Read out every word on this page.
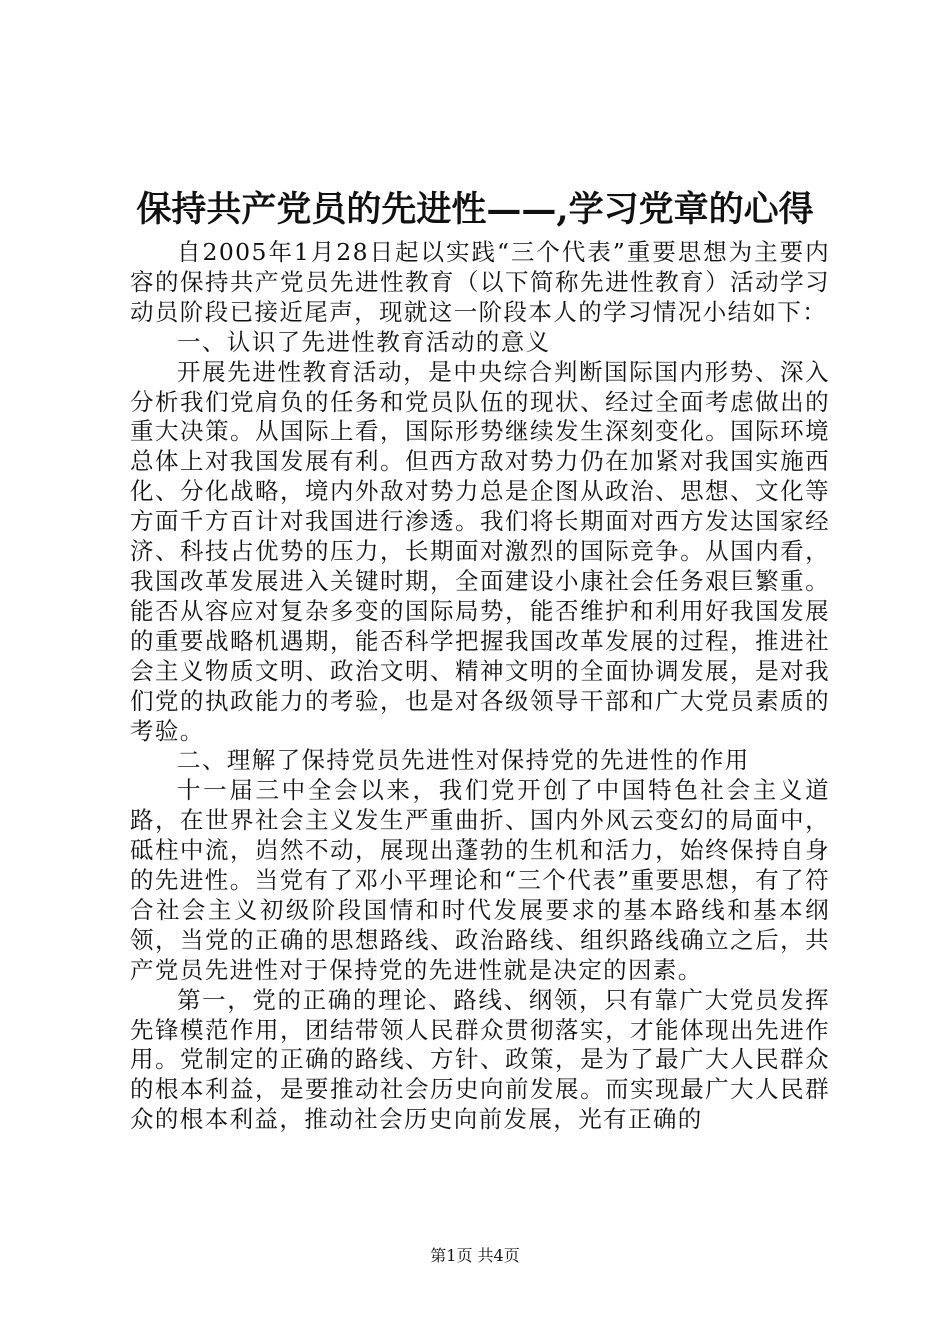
保持共产党员的先进性——,学习党章的心得

自2005年1月28日起以实践“三个代表”重要思想为主要内容的保持共产党员先进性教育（以下简称先进性教育）活动学习动员阶段已接近尾声，现就这一阶段本人的学习情况小结如下：

一、认识了先进性教育活动的意义

开展先进性教育活动，是中央综合判断国际国内形势、深入分析我们党肩负的任务和党员队伍的现状、经过全面考虑做出的重大决策。从国际上看，国际形势继续发生深刻变化。国际环境总体上对我国发展有利。但西方敌对势力仍在加紧对我国实施西化、分化战略，境内外敌对势力总是企图从政治、思想、文化等方面千方百计对我国进行渗透。我们将长期面对西方发达国家经济、科技占优势的压力，长期面对激烈的国际竞争。从国内看，我国改革发展进入关键时期，全面建设小康社会任务艰巨繁重。能否从容应对复杂多变的国际局势，能否维护和利用好我国发展的重要战略机遇期，能否科学把握我国改革发展的过程，推进社会主义物质文明、政治文明、精神文明的全面协调发展，是对我们党的执政能力的考验，也是对各级领导干部和广大党员素质的考验。

二、理解了保持党员先进性对保持党的先进性的作用

十一届三中全会以来，我们党开创了中国特色社会主义道路，在世界社会主义发生严重曲折、国内外风云变幻的局面中，砥柱中流，岿然不动，展现出蓬勃的生机和活力，始终保持自身的先进性。当党有了邓小平理论和“三个代表”重要思想，有了符合社会主义初级阶段国情和时代发展要求的基本路线和基本纲领，当党的正确的思想路线、政治路线、组织路线确立之后，共产党员先进性对于保持党的先进性就是决定的因素。

第一，党的正确的理论、路线、纲领，只有靠广大党员发挥先锋模范作用，团结带领人民群众贯彻落实，才能体现出先进作用。党制定的正确的路线、方针、政策，是为了最广大人民群众的根本利益，是要推动社会历史向前发展。而实现最广大人民群众的根本利益，推动社会历史向前发展，光有正确的

第1页 共4页
